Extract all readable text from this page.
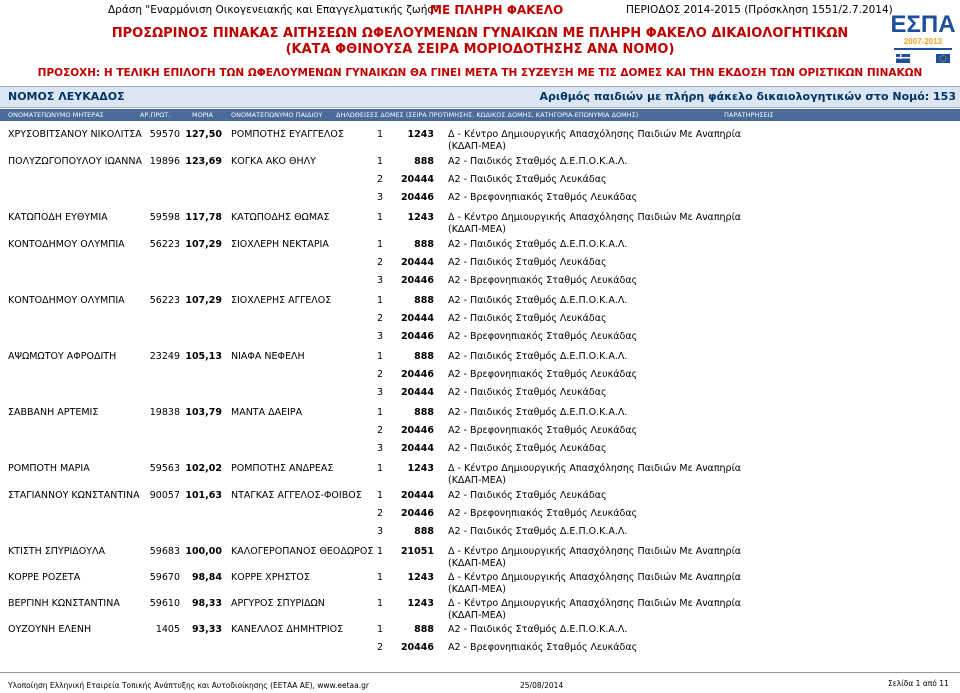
Δράση "Εναρμόνιση Οικογενειακής και Επαγγελματικής ζωής"
ΜΕ ΠΛΗΡΗ ΦΑΚΕΛΟ	ΠΕΡΙΟΔΟΣ 2014-2015 (Πρόσκληση 1551/2.7.2014)
ΕΣΠΑ
2007-2013
ΠΡΟΣΩΡΙΝΟΣ ΠΙΝΑΚΑΣ ΑΙΤΗΣΕΩΝ ΩΦΕΛΟΥΜΕΝΩΝ ΓΥΝΑΙΚΩΝ ΜΕ ΠΛΗΡΗ ΦΑΚΕΛΟ ΔΙΚΑΙΟΛΟΓΗΤΙΚΩΝ
(ΚΑΤΑ ΦΘΙΝΟΥΣΑ ΣΕΙΡΑ ΜΟΡΙΟΔΟΤΗΣΗΣ ΑΝΑ ΝΟΜΟ)
ΠΡΟΣΟΧΗ: Η ΤΕΛΙΚΗ ΕΠΙΛΟΓΗ ΤΩΝ ΩΦΕΛΟΥΜΕΝΩΝ ΓΥΝΑΙΚΩΝ ΘΑ ΓΙΝΕΙ ΜΕΤΑ ΤΗ ΣΥΖΕΥΞΗ ΜΕ ΤΙΣ ΔΟΜΕΣ ΚΑΙ ΤΗΝ ΕΚΔΟΣΗ ΤΩΝ ΟΡΙΣΤΙΚΩΝ ΠΙΝΑΚΩΝ
ΝΟΜΟΣ ΛΕΥΚΑΔΟΣ	Αριθμός παιδιών με πλήρη φάκελο δικαιολογητικών στο Νομό: 153
ΟΝΟΜΑΤΕΠΩΝΥΜΟ ΜΗΤΕΡΑΣ	ΑΡ.ΠΡΩΤ.	ΜΟΡΙΑ	ΟΝΟΜΑΤΕΠΩΝΥΜΟ ΠΑΙΔΙΟΥ ΔΗΛΩΘΕΙΣΕΣ ΔΟΜΕΣ (ΣΕΙΡΑ ΠΡΟΤΙΜΗΣΗΣ, ΚΩΔΙΚΟΣ ΔΟΜΗΣ, ΚΑΤΗΓΟΡΙΑ-ΕΠΩΝΥΜΙΑ ΔΟΜΗΣ)	ΠΑΡΑΤΗΡΗΣΕΙΣ
ΧΡΥΣΟΒΙΤΣΑΝΟΥ ΝΙΚΟΛΙΤΣΑ 59570 127,50 ΡΟΜΠΟΤΗΣ ΕΥΑΓΓΕΛΟΣ	1	1243 Δ - Κέντρο Δημιουργικής Απασχόλησης Παιδιών Με Αναπηρία
(ΚΔΑΠ-ΜΕΑ)
ΠΟΛΥΖΩΓΟΠΟΥΛΟΥ ΙΩΑΝΝΑ 19896 123,69 ΚΟΓΚΑ ΑΚΟ ΘΗΛΥ	1	888 Α2 - Παιδικός Σταθμός Δ.Ε.Π.Ο.Κ.Α.Λ.
2	20444 Α2 - Παιδικός Σταθμός Λευκάδας
3	20446 Α2 - Βρεφονηπιακός Σταθμός Λευκάδας
ΚΑΤΩΠΟΔΗ ΕΥΘΥΜΙΑ	59598 117,78 ΚΑΤΩΠΟΔΗΣ ΘΩΜΑΣ	1	1243 Δ - Κέντρο Δημιουργικής Απασχόλησης Παιδιών Με Αναπηρία
(ΚΔΑΠ-ΜΕΑ)
ΚΟΝΤΟΔΗΜΟΥ ΟΛΥΜΠΙΑ	56223 107,29 ΣΙΟΧΛΕΡΗ ΝΕΚΤΑΡΙΑ	1	888 Α2 - Παιδικός Σταθμός Δ.Ε.Π.Ο.Κ.Α.Λ.
2	20444 Α2 - Παιδικός Σταθμός Λευκάδας
3	20446 Α2 - Βρεφονηπιακός Σταθμός Λευκάδας
ΚΟΝΤΟΔΗΜΟΥ ΟΛΥΜΠΙΑ	56223 107,29 ΣΙΟΧΛΕΡΗΣ ΑΓΓΕΛΟΣ	1	888 Α2 - Παιδικός Σταθμός Δ.Ε.Π.Ο.Κ.Α.Λ.
2	20444 Α2 - Παιδικός Σταθμός Λευκάδας
3	20446 Α2 - Βρεφονηπιακός Σταθμός Λευκάδας
ΑΨΩΜΩΤΟΥ ΑΦΡΟΔΙΤΗ	23249 105,13 ΝΙΑΦΑ ΝΕΦΕΛΗ	1	888 Α2 - Παιδικός Σταθμός Δ.Ε.Π.Ο.Κ.Α.Λ.
2	20446 Α2 - Βρεφονηπιακός Σταθμός Λευκάδας
3	20444 Α2 - Παιδικός Σταθμός Λευκάδας
ΣΑΒΒΑΝΗ ΑΡΤΕΜΙΣ	19838 103,79 ΜΑΝΤΑ ΔΑΕΙΡΑ	1	888 Α2 - Παιδικός Σταθμός Δ.Ε.Π.Ο.Κ.Α.Λ.
2	20446 Α2 - Βρεφονηπιακός Σταθμός Λευκάδας
3	20444 Α2 - Παιδικός Σταθμός Λευκάδας
ΡΟΜΠΟΤΗ ΜΑΡΙΑ	59563 102,02 ΡΟΜΠΟΤΗΣ ΑΝΔΡΕΑΣ	1	1243 Δ - Κέντρο Δημιουργικής Απασχόλησης Παιδιών Με Αναπηρία
(ΚΔΑΠ-ΜΕΑ)
ΣΤΑΓΙΑΝΝΟΥ ΚΩΝΣΤΑΝΤΙΝΑ	90057 101,63 ΝΤΑΓΚΑΣ ΑΓΓΕΛΟΣ-ΦΟΙΒΟΣ 1	20444 Α2 - Παιδικός Σταθμός Λευκάδας
2	20446 Α2 - Βρεφονηπιακός Σταθμός Λευκάδας
3	888 Α2 - Παιδικός Σταθμός Δ.Ε.Π.Ο.Κ.Α.Λ.
ΚΤΙΣΤΗ ΣΠΥΡΙΔΟΥΛΑ	59683 100,00 ΚΑΛΟΓΕΡΟΠΑΝΟΣ ΘΕΟΔΩΡΟΣ 1	21051 Δ - Κέντρο Δημιουργικής Απασχόλησης Παιδιών Με Αναπηρία
(ΚΔΑΠ-ΜΕΑ)
ΚΟΡΡΕ ΡΟΖΕΤΑ	59670	98,84 ΚΟΡΡΕ ΧΡΗΣΤΟΣ	1	1243 Δ - Κέντρο Δημιουργικής Απασχόλησης Παιδιών Με Αναπηρία
(ΚΔΑΠ-ΜΕΑ)
ΒΕΡΓΙΝΗ ΚΩΝΣΤΑΝΤΙΝΑ	59610	98,33 ΑΡΓΥΡΟΣ ΣΠΥΡΙΔΩΝ	1	1243 Δ - Κέντρο Δημιουργικής Απασχόλησης Παιδιών Με Αναπηρία
(ΚΔΑΠ-ΜΕΑ)
ΟΥΖΟΥΝΗ ΕΛΕΝΗ	1405	93,33 ΚΑΝΕΛΛΟΣ ΔΗΜΗΤΡΙΟΣ	1	888 Α2 - Παιδικός Σταθμός Δ.Ε.Π.Ο.Κ.Α.Λ.
2	20446 Α2 - Βρεφονηπιακός Σταθμός Λευκάδας
Υλοποίηση Ελληνική Εταιρεία Τοπικής Ανάπτυξης και Αυτοδιοίκησης (ΕΕΤΑΑ ΑΕ), www.eetaa.gr	25/08/2014	Σελίδα 1 από 11
